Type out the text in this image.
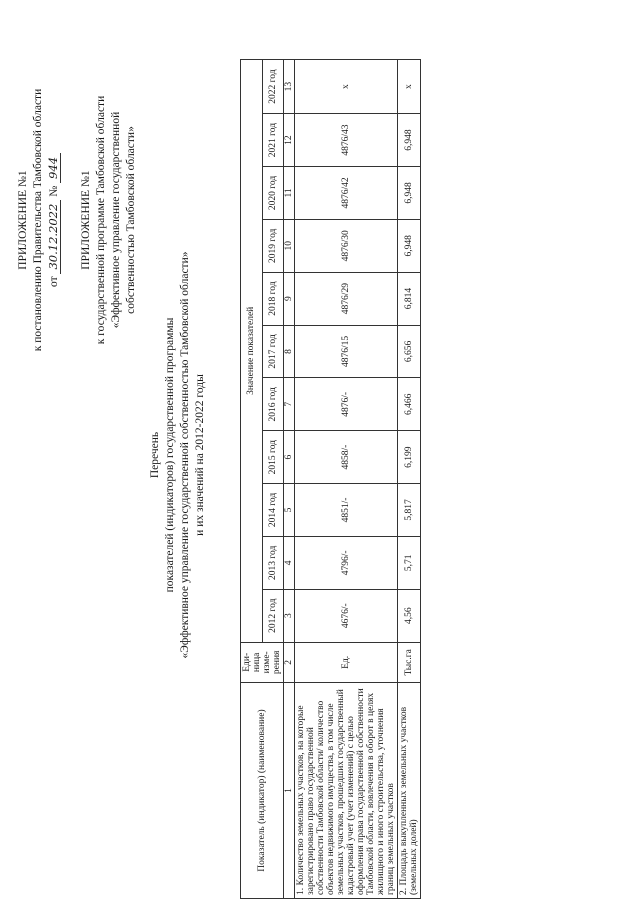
ПРИЛОЖЕНИЕ №1 к постановлению Правительства Тамбовской области от 30.12.2022 № 944
ПРИЛОЖЕНИЕ №1 к государственной программе Тамбовской области «Эффективное управление государственной собственностью Тамбовской области»
Перечень показателей (индикаторов) государственной программы «Эффективное управление государственной собственностью Тамбовской области» и их значений на 2012-2022 годы
Показатель (индикатор) (наименование)	Еди-ница изме-рения	Значение показателей										
		2012 год	2013 год	2014 год	2015 год	2016 год	2017 год	2018 год	2019 год	2020 год	2021 год	2022 год
1	2	3	4	5	6	7	8	9	10	11	12	13
1. Количество земельных участков, на которые зарегистрировано право государственной собственности Тамбовской области/ количество объектов недвижимого имущества, в том числе земельных участков, прошедших государственный кадастровый учет (учет изменений) с целью оформления права государственной собственности Тамбовской области, вовлечения в оборот в целях жилищного и иного строительства, уточнения границ земельных участков	Ед.	4676/-	4796/-	4851/-	4858/-	4876/-	4876/15	4876/29	4876/30	4876/42	4876/43	х
2. Площадь выкупленных земельных участков (земельных долей)	Тыс.га	4,56	5,71	5,817	6,199	6,466	6,656	6,814	6,948	6,948	6,948	х
